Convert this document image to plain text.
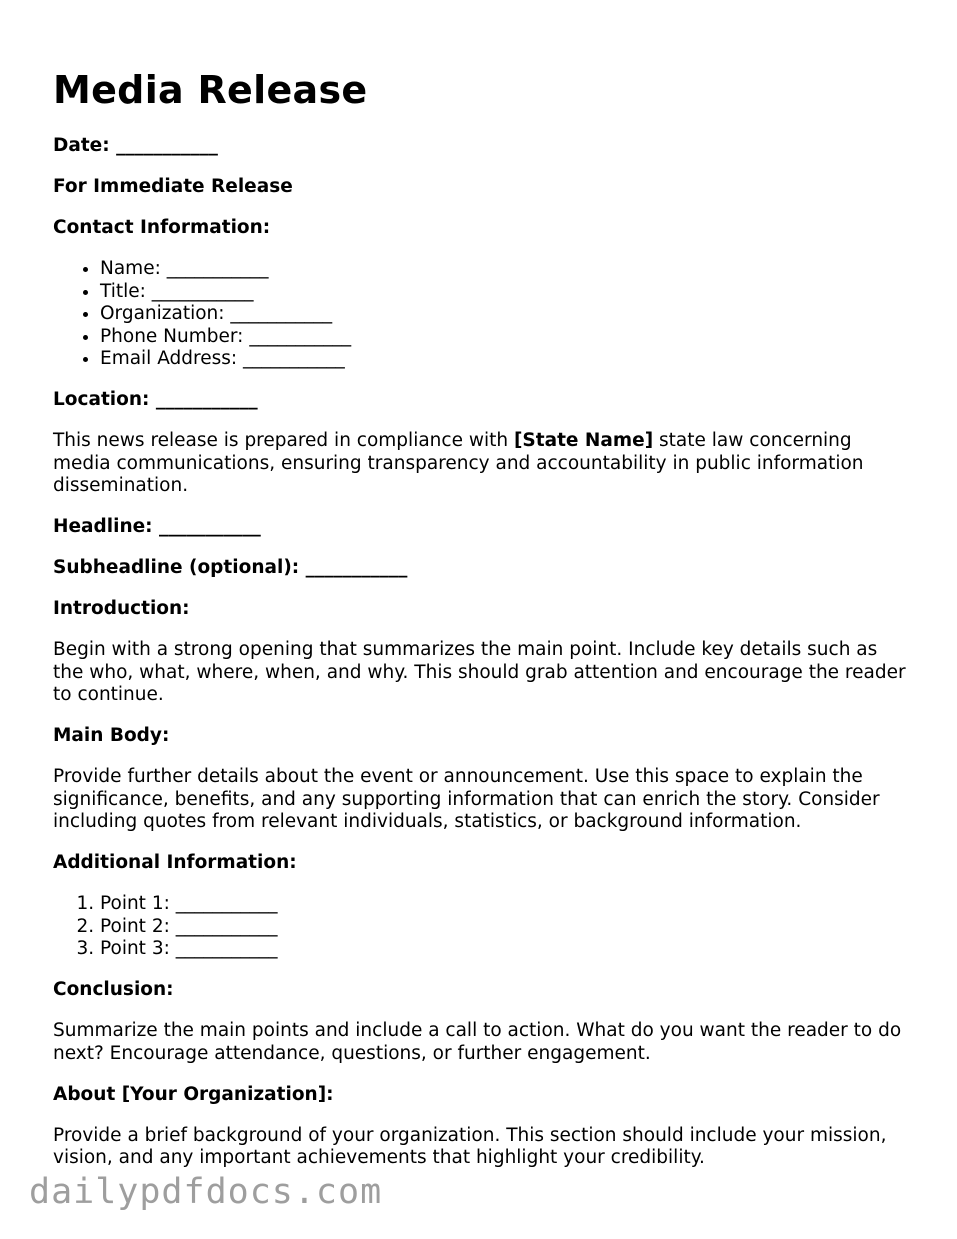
Media Release

Date: ___________

For Immediate Release

Contact Information:

• Name: ___________
• Title: ___________
• Organization: ___________
• Phone Number: ___________
• Email Address: ___________

Location: ___________

This news release is prepared in compliance with [State Name] state law concerning media communications, ensuring transparency and accountability in public information dissemination.

Headline: ___________

Subheadline (optional): ___________

Introduction:

Begin with a strong opening that summarizes the main point. Include key details such as the who, what, where, when, and why. This should grab attention and encourage the reader to continue.

Main Body:

Provide further details about the event or announcement. Use this space to explain the significance, benefits, and any supporting information that can enrich the story. Consider including quotes from relevant individuals, statistics, or background information.

Additional Information:

1. Point 1: ___________
2. Point 2: ___________
3. Point 3: ___________

Conclusion:

Summarize the main points and include a call to action. What do you want the reader to do next? Encourage attendance, questions, or further engagement.

About [Your Organization]:

Provide a brief background of your organization. This section should include your mission, vision, and any important achievements that highlight your credibility.

dailypdfdocs.com
